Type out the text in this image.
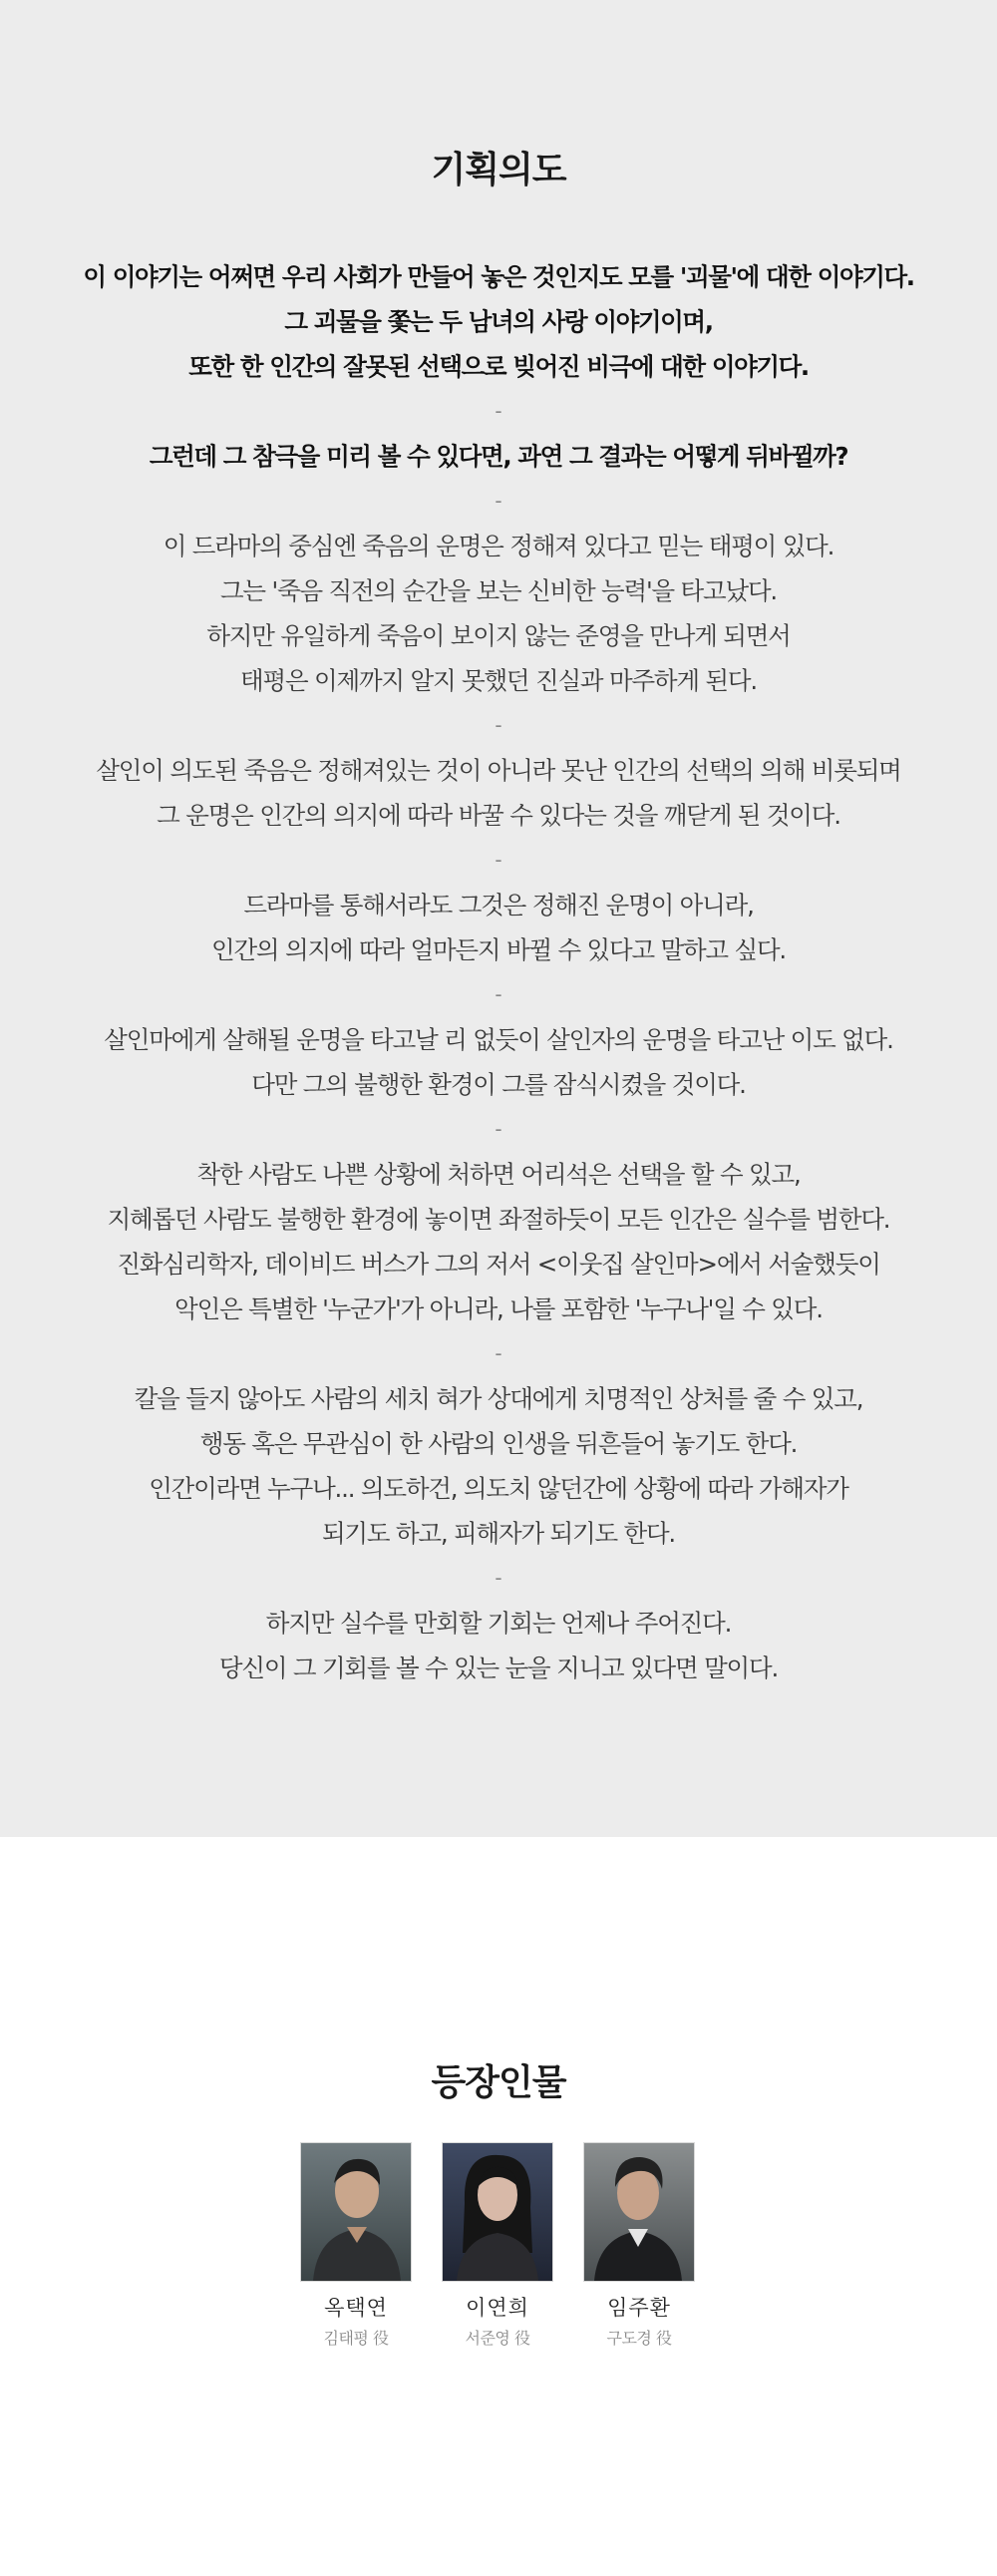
기획의도
이 이야기는 어쩌면 우리 사회가 만들어 놓은 것인지도 모를 '괴물'에 대한 이야기다.
그 괴물을 쫓는 두 남녀의 사랑 이야기이며,
또한 한 인간의 잘못된 선택으로 빚어진 비극에 대한 이야기다.
-
그런데 그 참극을 미리 볼 수 있다면, 과연 그 결과는 어떻게 뒤바뀔까?
-
이 드라마의 중심엔 죽음의 운명은 정해져 있다고 믿는 태평이 있다.
그는 '죽음 직전의 순간을 보는 신비한 능력'을 타고났다.
하지만 유일하게 죽음이 보이지 않는 준영을 만나게 되면서
태평은 이제까지 알지 못했던 진실과 마주하게 된다.
-
살인이 의도된 죽음은 정해져있는 것이 아니라 못난 인간의 선택의 의해 비롯되며
그 운명은 인간의 의지에 따라 바꿀 수 있다는 것을 깨닫게 된 것이다.
-
드라마를 통해서라도 그것은 정해진 운명이 아니라,
인간의 의지에 따라 얼마든지 바뀔 수 있다고 말하고 싶다.
-
살인마에게 살해될 운명을 타고날 리 없듯이 살인자의 운명을 타고난 이도 없다.
다만 그의 불행한 환경이 그를 잠식시켰을 것이다.
-
착한 사람도 나쁜 상황에 처하면 어리석은 선택을 할 수 있고,
지혜롭던 사람도 불행한 환경에 놓이면 좌절하듯이 모든 인간은 실수를 범한다.
진화심리학자, 데이비드 버스가 그의 저서 <이웃집 살인마>에서 서술했듯이
악인은 특별한 '누군가'가 아니라, 나를 포함한 '누구나'일 수 있다.
-
칼을 들지 않아도 사람의 세치 혀가 상대에게 치명적인 상처를 줄 수 있고,
행동 혹은 무관심이 한 사람의 인생을 뒤흔들어 놓기도 한다.
인간이라면 누구나... 의도하건, 의도치 않던간에 상황에 따라 가해자가
되기도 하고, 피해자가 되기도 한다.
-
하지만 실수를 만회할 기회는 언제나 주어진다.
당신이 그 기회를 볼 수 있는 눈을 지니고 있다면 말이다.
등장인물
옥택연
김태평 役
이연희
서준영 役
임주환
구도경 役
